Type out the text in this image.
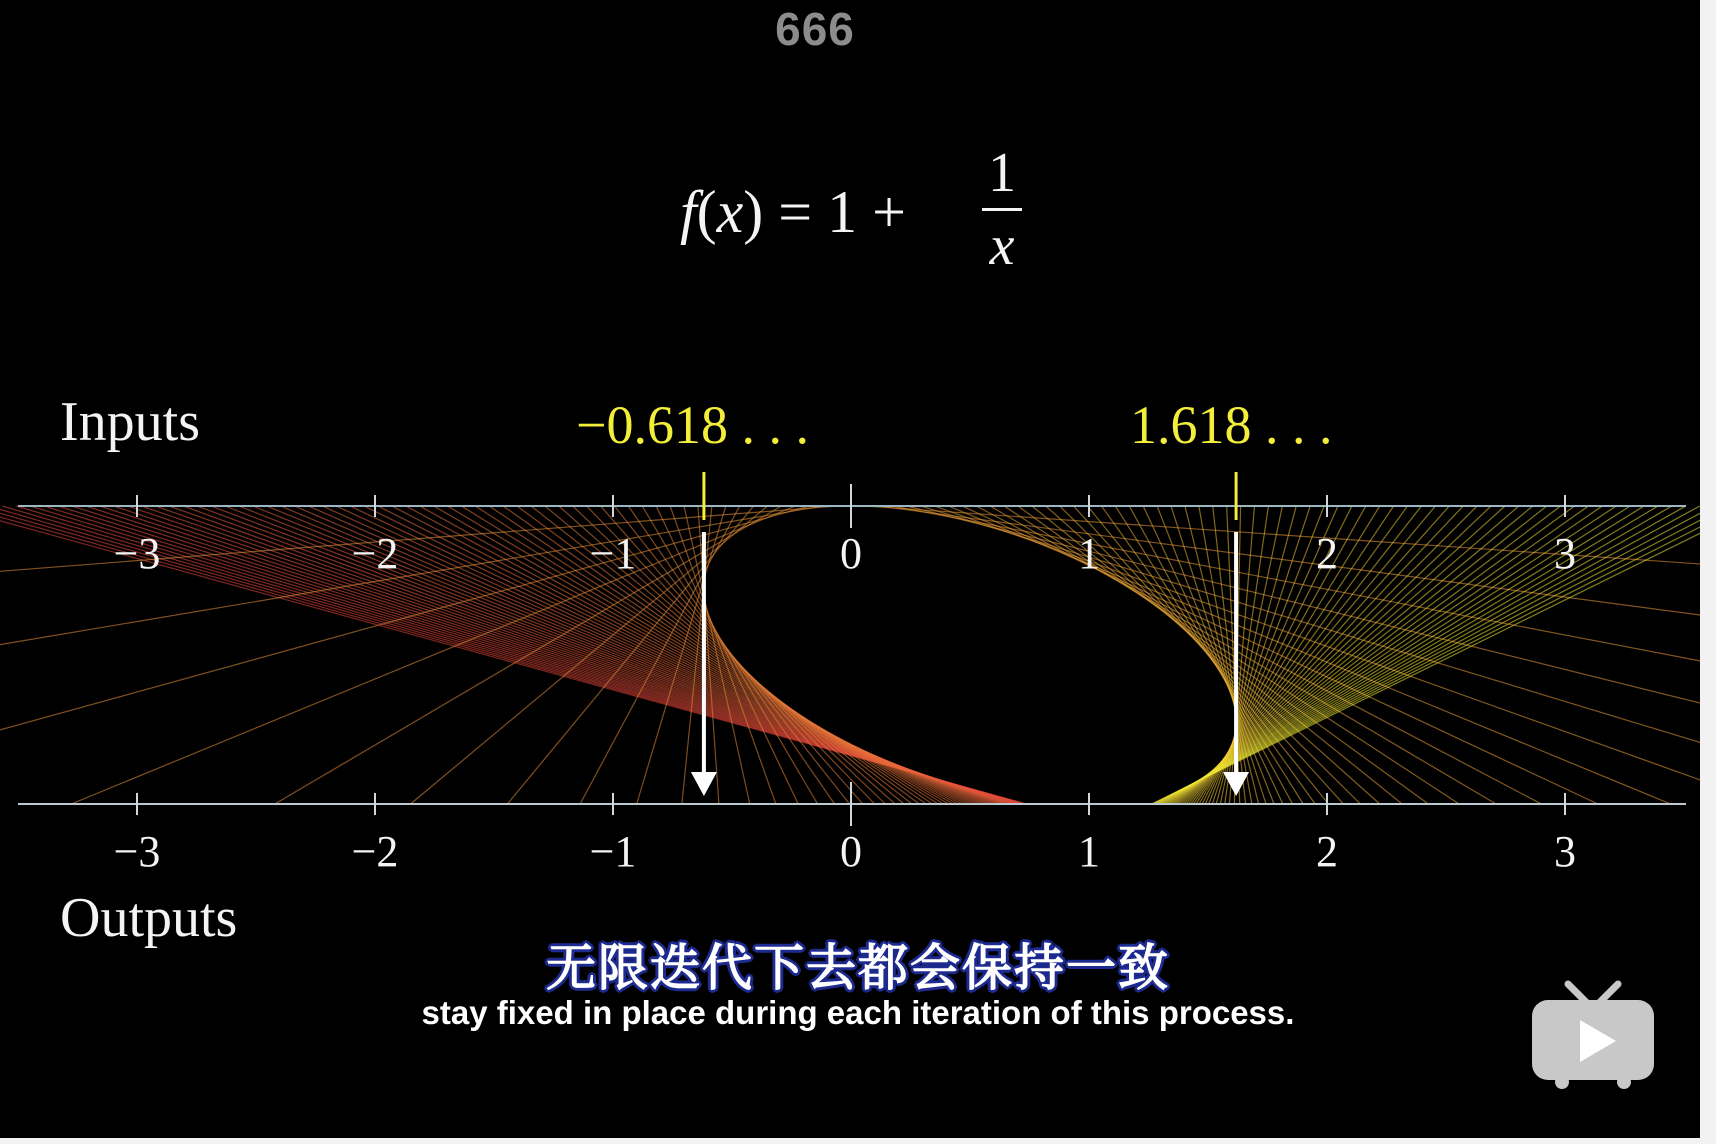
666
f(x) = 1 +
1
x
Inputs
Outputs
−0.618 . . .	1.618 . . .
−3	−2	−1	0	1	2	3
−3	−2	−1	0	1	2	3
无限迭代下去都会保持一致
stay fixed in place during each iteration of this process.
